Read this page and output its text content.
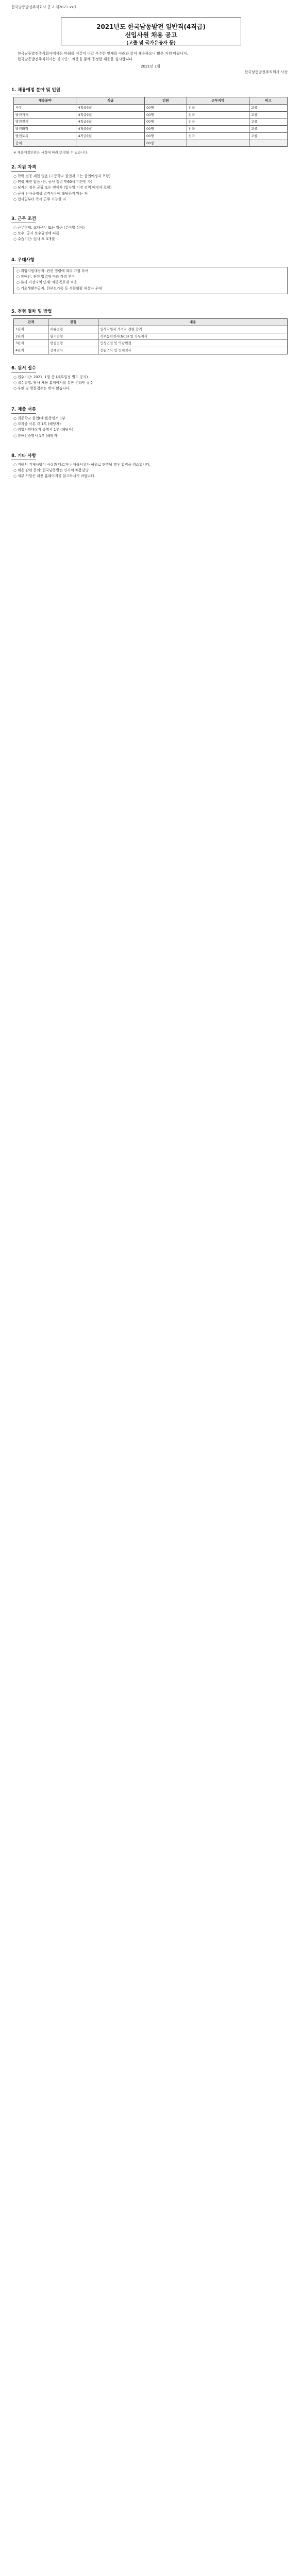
한국남동발전주식회사 공고 제2021-xx호
2021년도 한국남동발전 일반직(4직급)
신입사원 채용 공고
(고졸 및 국가유공자 등)

한국남동발전주식회사에서는 미래를 이끌어 나갈 우수한 인재를 아래와 같이 채용하오니 많은 지원 바랍니다.

한국남동발전주식회사는 블라인드 채용을 통해 공정한 채용을 실시합니다.

2021년 1월
한국남동발전주식회사 사장
1. 채용예정 분야 및 인원
채용분야	직급	인원	근무지역	비고
사무	4직급(을)	00명	전국	고졸
발전기계	4직급(을)	00명	전국	고졸
발전전기	4직급(을)	00명	전국	고졸
발전화학	4직급(을)	00명	전국	고졸
발전토목	4직급(을)	00명	전국	고졸
합계		00명		
※ 채용예정인원은 사정에 따라 변경될 수 있습니다.
2. 지원 자격

○ 학력·전공 제한 없음 (고등학교 졸업자 또는 졸업예정자 포함)

○ 연령 제한 없음 (단, 공사 정년 만60세 미만인 자)

○ 남자의 경우 군필 또는 면제자 (입사일 이전 전역 예정자 포함)

○ 공사 인사규정상 결격사유에 해당하지 않는 자

○ 입사일부터 즉시 근무 가능한 자

3. 근무 조건

○ 근무형태: 교대근무 또는 일근 (분야별 상이)

○ 보수: 공사 보수규정에 따름

○ 수습기간: 입사 후 3개월

4. 우대사항

○ 취업지원대상자: 관련 법령에 따라 가점 부여

○ 장애인: 관련 법령에 따라 가점 부여

○ 본사 이전지역 인재: 채용목표제 적용

○ 기초생활수급자, 한부모가족 등 사회형평 대상자 우대

5. 전형 절차 및 방법
단계	전형	내용
1단계	서류전형	입사지원서 적격자 전원 합격
2단계	필기전형	직무능력검사(NCS) 및 직무지식
3단계	면접전형	인성면접 및 역량면접
4단계	신체검사	신원조사 및 신체검사
6. 원서 접수

○ 접수기간: 2021. 1월 중 (세부일정 별도 공지)

○ 접수방법: 당사 채용 홈페이지를 통한 온라인 접수

○ 우편 및 방문접수는 받지 않습니다.

7. 제출 서류

○ 최종학교 졸업(예정)증명서 1부

○ 자격증 사본 각 1부 (해당자)

○ 취업지원대상자 증명서 1부 (해당자)

○ 장애인증명서 1부 (해당자)

8. 기타 사항

○ 지원서 기재사항이 사실과 다르거나 제출서류가 허위로 판명될 경우 합격을 취소합니다.

○ 채용 관련 문의: 한국남동발전 인사처 채용담당

○ 세부 사항은 채용 홈페이지를 참고하시기 바랍니다.
